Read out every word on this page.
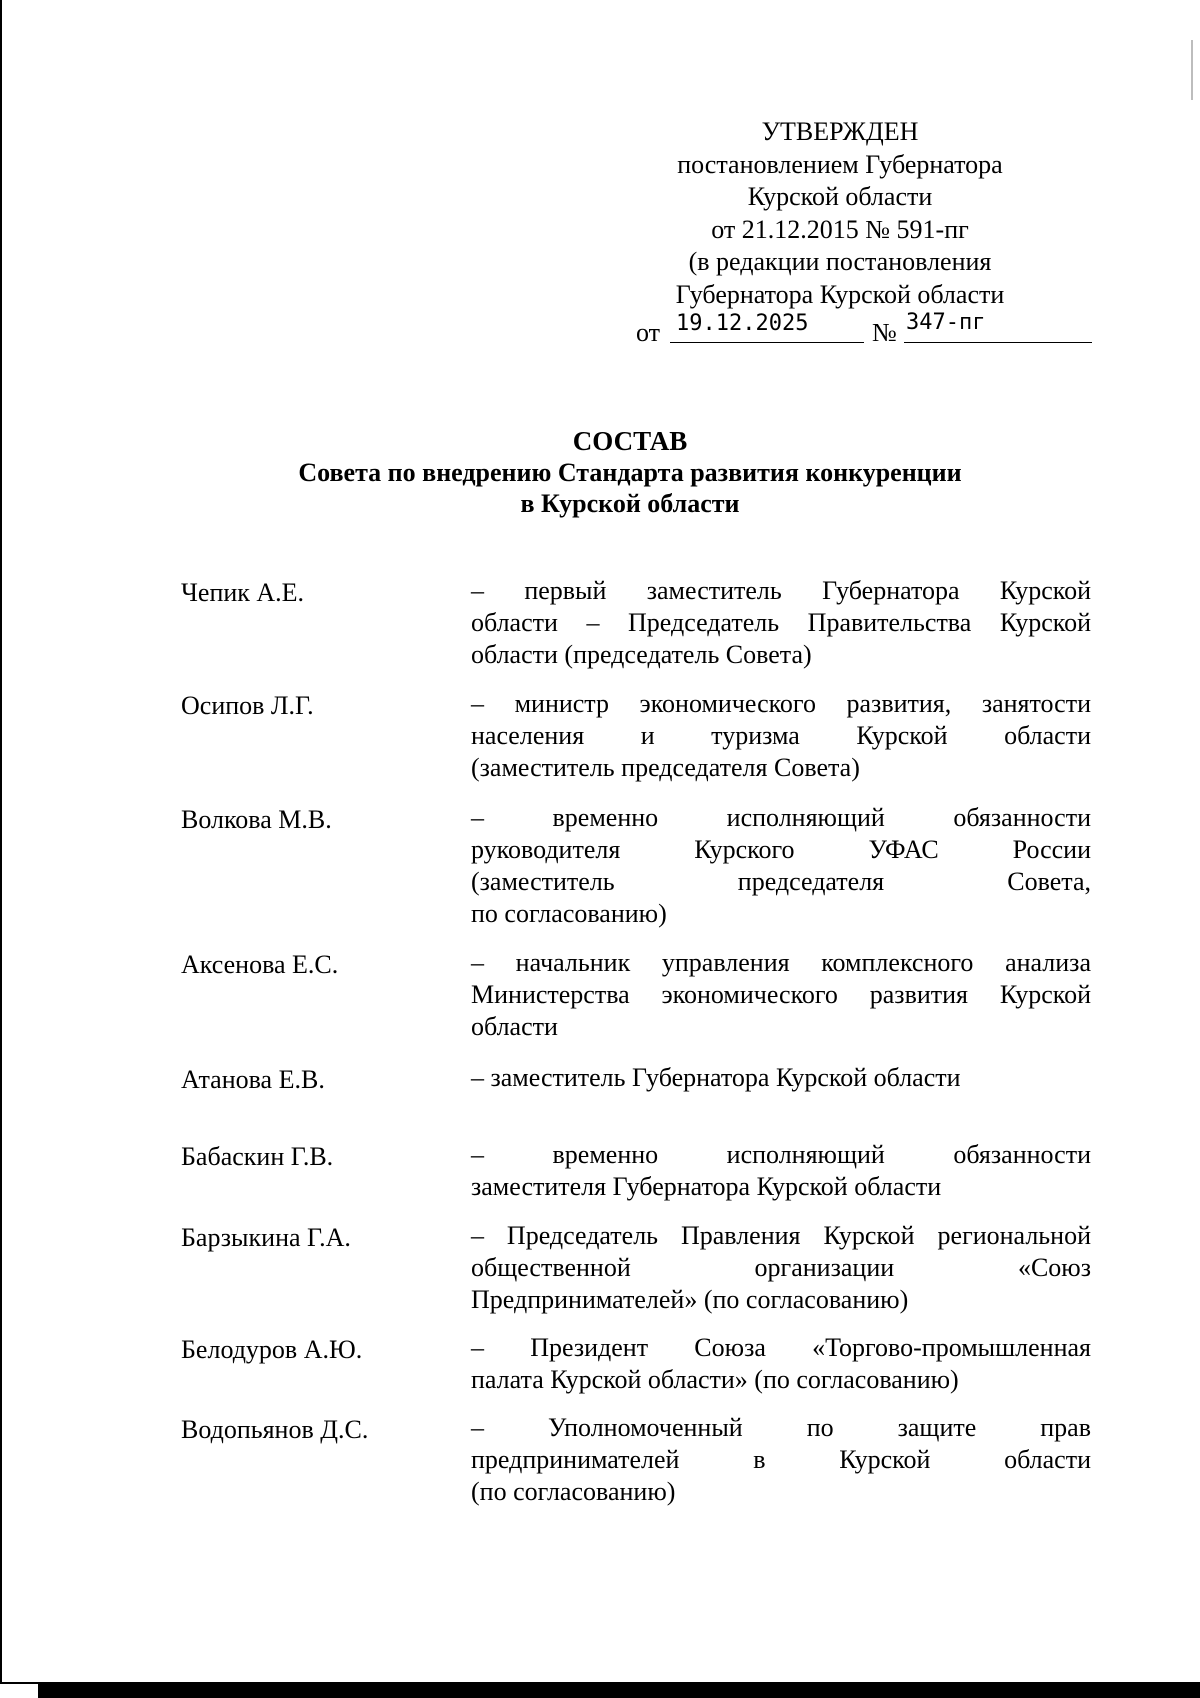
УТВЕРЖДЕН
постановлением Губернатора
Курской области
от 21.12.2015 № 591-пг
(в редакции постановления
Губернатора Курской области
от 19.12.2025	№ 347-пг
СОСТАВ
Совета по внедрению Стандарта развития конкуренции
в Курской области
Чепик А.Е.	– первый заместитель Губернатора Курской
области – Председатель Правительства Курской
области (председатель Совета)
Осипов Л.Г.	– министр экономического развития, занятости
населения и туризма Курской области
(заместитель председателя Совета)
Волкова М.В.	– временно исполняющий обязанности
руководителя Курского УФАС России
(заместитель председателя Совета,
по согласованию)
Аксенова Е.С.	– начальник управления комплексного анализа
Министерства экономического развития Курской
области
Атанова Е.В.	– заместитель Губернатора Курской области
Бабаскин Г.В.	– временно исполняющий обязанности
заместителя Губернатора Курской области
Барзыкина Г.А.	– Председатель Правления Курской региональной
общественной организации «Союз
Предпринимателей» (по согласованию)
Белодуров А.Ю.	– Президент Союза «Торгово-промышленная
палата Курской области» (по согласованию)
Водопьянов Д.С.	– Уполномоченный по защите прав
предпринимателей в Курской области
(по согласованию)
